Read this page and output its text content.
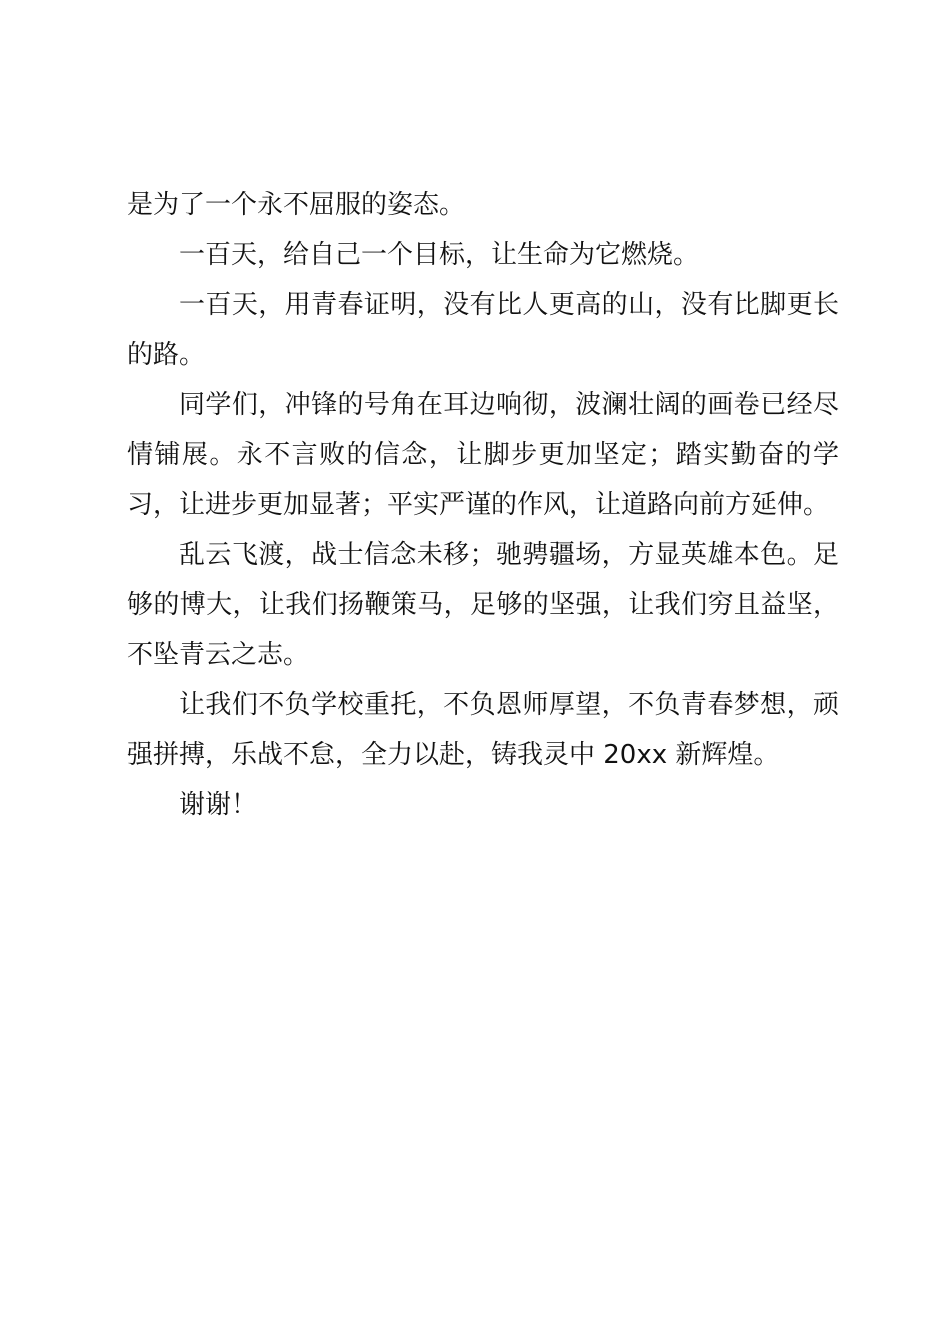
是为了一个永不屈服的姿态。

一百天，给自己一个目标，让生命为它燃烧。

一百天，用青春证明，没有比人更高的山，没有比脚更长的路。

同学们，冲锋的号角在耳边响彻，波澜壮阔的画卷已经尽情铺展。永不言败的信念，让脚步更加坚定；踏实勤奋的学习，让进步更加显著；平实严谨的作风，让道路向前方延伸。

乱云飞渡，战士信念未移；驰骋疆场，方显英雄本色。足够的博大，让我们扬鞭策马，足够的坚强，让我们穷且益坚，不坠青云之志。

让我们不负学校重托，不负恩师厚望，不负青春梦想，顽强拼搏，乐战不怠，全力以赴，铸我灵中 20xx 新辉煌。

谢谢！
